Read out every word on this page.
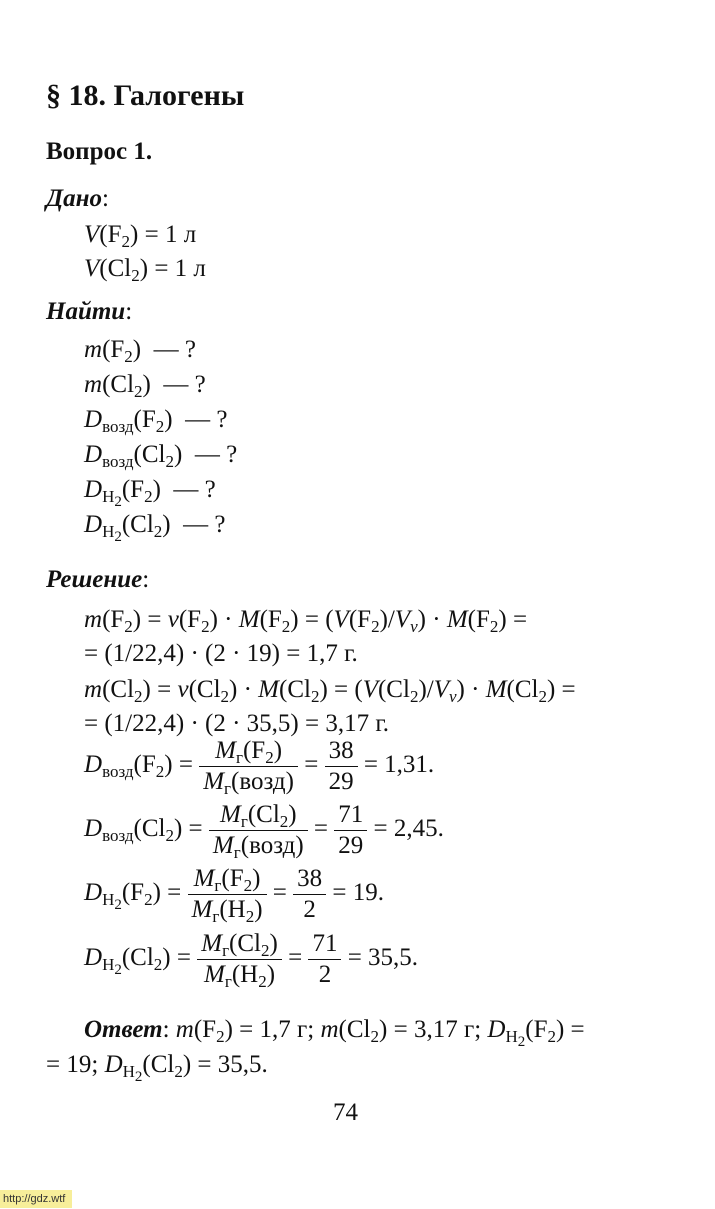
§ 18. Галогены
Вопрос 1.
Дано:
$V(F_2) = 1$ л
$V(Cl_2) = 1$ л
Найти:
$m(F_2)$  — ?
$m(Cl_2)$  — ?
$D_{возд}(F_2)$  — ?
$D_{возд}(Cl_2)$  — ?
$D_{H2}(F_2)$  — ?
$D_{H2}(Cl_2)$  — ?
Решение:
$m(F_2) = \nu(F_2) \cdot M(F_2) = (V(F_2)/V_v) \cdot M(F_2)$ =
= (1/22,4) · (2 · 19) = 1,7 г.
$m(Cl_2) = \nu(Cl_2) \cdot M(Cl_2) = (V(Cl_2)/V_v) \cdot M(Cl_2)$ =
= (1/22,4) · (2 · 35,5) = 3,17 г.
$D_{возд}(F_2) = \frac{M_г(F_2)}{M_г(возд)} = \frac{38}{29} = 1,31$.
$D_{возд}(Cl_2) = \frac{M_г(Cl_2)}{M_г(возд)} = \frac{71}{29} = 2,45$.
$D_{H2}(F_2) = \frac{M_г(F_2)}{M_г(H_2)} = \frac{38}{2} = 19$.
$D_{H2}(Cl_2) = \frac{M_г(Cl_2)}{M_г(H_2)} = \frac{71}{2} = 35,5$.
Ответ: $m(F_2) = 1,7$ г; $m(Cl_2) = 3,17$ г; $D_{H2}(F_2)$ =
= 19; $D_{H2}(Cl_2) = 35,5$.
74
http://gdz.wtf
